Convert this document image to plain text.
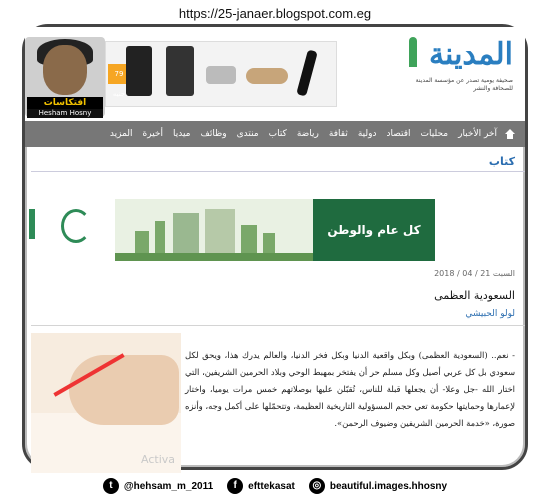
https://25-janaer.blogspot.com.eg
المدينة
صحيفة يومية تصدر عن مؤسسة المدينة للصحافة والنشر
79 جنيه
افتكاسات
Hesham Hosny
آخر الأخبار
محليات
اقتصاد
دولية
ثقافة
رياضة
كتاب
منتدى
وظائف
ميديا
أخيرة
المزيد
كتاب
كل عام والوطن بخير
السبت 21 / 04 / 2018
السعودية العظمى
لولو الحبيشي
Activa
- نعم.. (السعودية العظمى) وبكل واقعية الدنيا وبكل فخر الدنيا، والعالم يدرك هذا، ويحق لكل سعودي بل كل عربي أصيل وكل مسلم حر أن يفتخر بمهبط الوحي وبلاد الحرمين الشريفين، التي اختار الله -جل وعلا- أن يجعلها قبلة للناس، تُقبّلن عليها بوصلاتهم خمس مرات يوميا، واختار لإعمارها وحمايتها حكومة تعي حجم المسؤولية التاريخية العظيمة، وتتحمّلها على أكمل وجه، وأنزه صورة، «خدمة الحرمين الشريفين وضيوف الرحمن».
t	@hehsam_m_2011	f	efttekasat	◎ beautiful.images.hhosny
